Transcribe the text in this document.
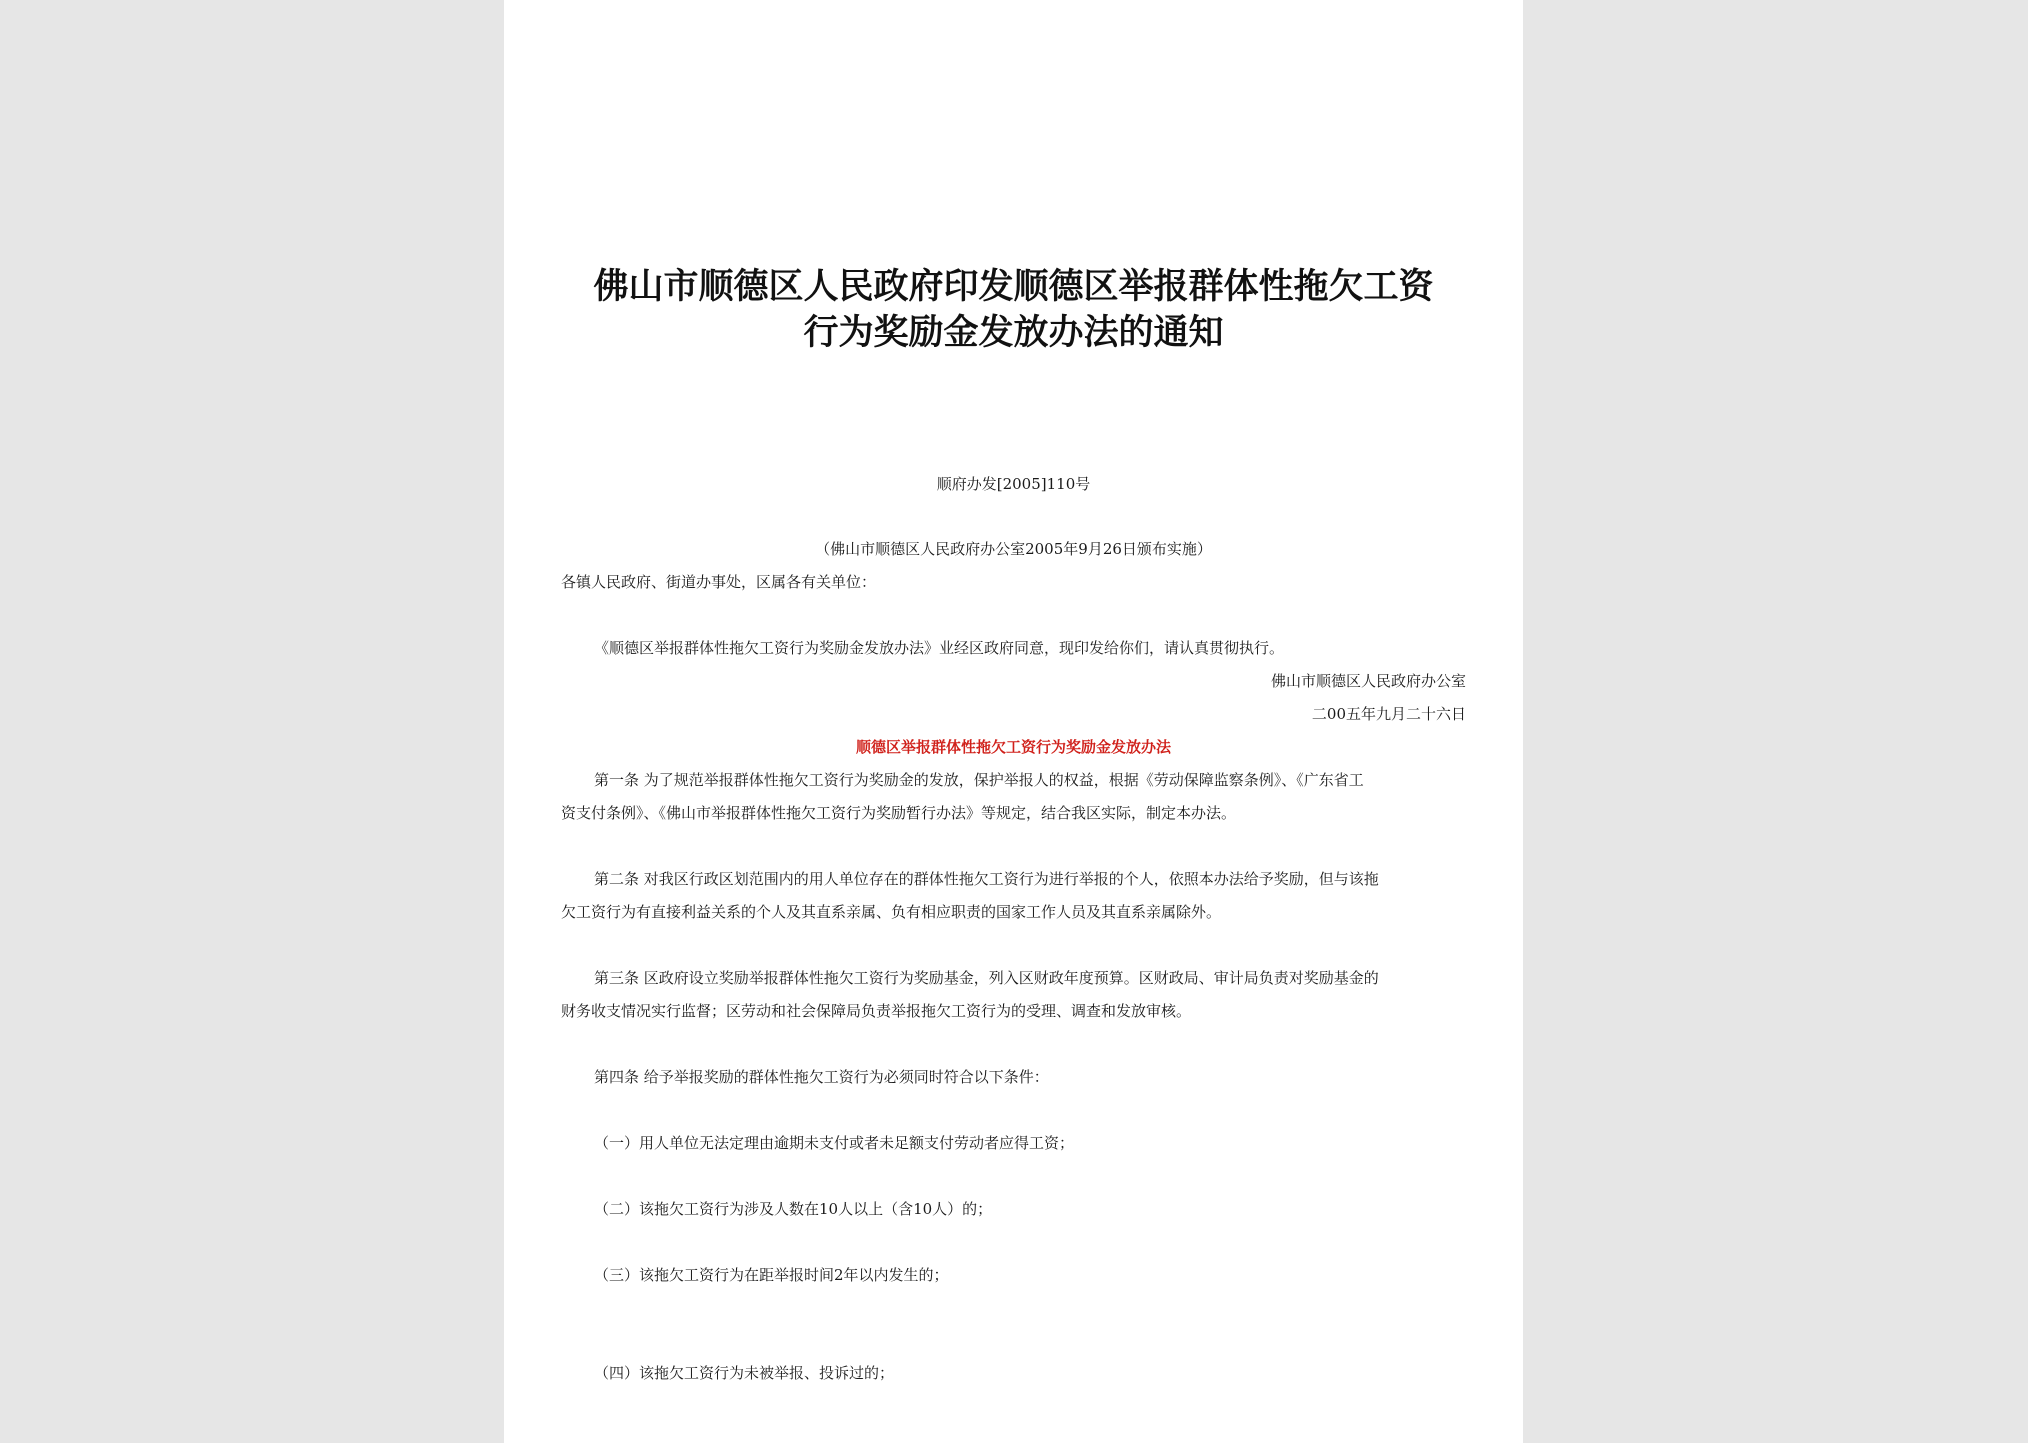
佛山市顺德区人民政府印发顺德区举报群体性拖欠工资
行为奖励金发放办法的通知
顺府办发[2005]110号
（佛山市顺德区人民政府办公室2005年9月26日颁布实施）
各镇人民政府、街道办事处，区属各有关单位：
《顺德区举报群体性拖欠工资行为奖励金发放办法》业经区政府同意，现印发给你们，请认真贯彻执行。
佛山市顺德区人民政府办公室
二00五年九月二十六日
顺德区举报群体性拖欠工资行为奖励金发放办法
第一条 为了规范举报群体性拖欠工资行为奖励金的发放，保护举报人的权益，根据《劳动保障监察条例》、《广东省工
资支付条例》、《佛山市举报群体性拖欠工资行为奖励暂行办法》等规定，结合我区实际，制定本办法。
第二条 对我区行政区划范围内的用人单位存在的群体性拖欠工资行为进行举报的个人，依照本办法给予奖励，但与该拖
欠工资行为有直接利益关系的个人及其直系亲属、负有相应职责的国家工作人员及其直系亲属除外。
第三条 区政府设立奖励举报群体性拖欠工资行为奖励基金，列入区财政年度预算。区财政局、审计局负责对奖励基金的
财务收支情况实行监督；区劳动和社会保障局负责举报拖欠工资行为的受理、调查和发放审核。
第四条 给予举报奖励的群体性拖欠工资行为必须同时符合以下条件：
（一）用人单位无法定理由逾期未支付或者未足额支付劳动者应得工资；
（二）该拖欠工资行为涉及人数在10人以上（含10人）的；
（三）该拖欠工资行为在距举报时间2年以内发生的；
（四）该拖欠工资行为未被举报、投诉过的；
